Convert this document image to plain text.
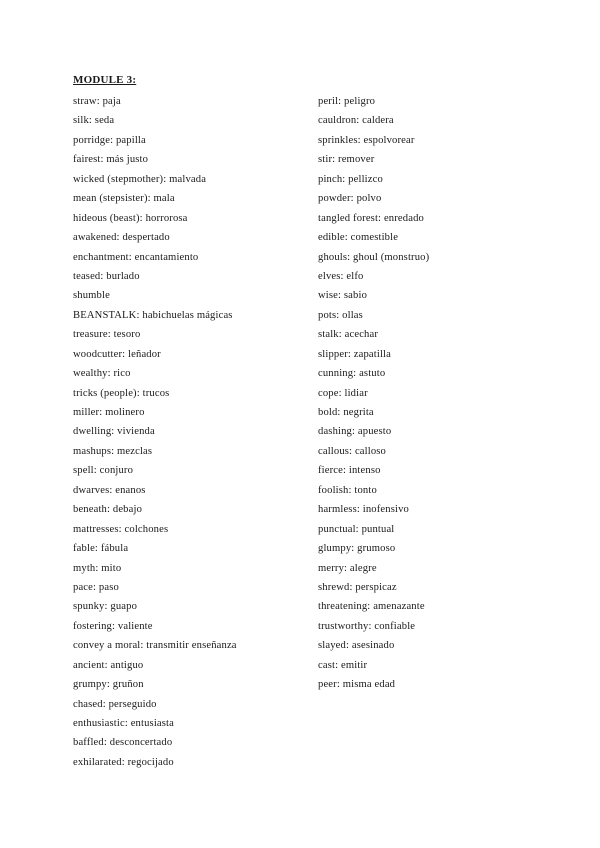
MODULE 3:
straw: paja
silk: seda
porridge: papilla
fairest: más justo
wicked (stepmother): malvada
mean (stepsister): mala
hideous (beast): horrorosa
awakened: despertado
enchantment: encantamiento
teased: burlado
shumble
BEANSTALK: habichuelas mágicas
treasure: tesoro
woodcutter: leñador
wealthy: rico
tricks (people): trucos
miller: molinero
dwelling: vivienda
mashups: mezclas
spell: conjuro
dwarves: enanos
beneath: debajo
mattresses: colchones
fable: fábula
myth: mito
pace: paso
spunky: guapo
fostering: valiente
convey a moral: transmitir enseñanza
ancient: antiguo
grumpy: gruñon
chased: perseguido
enthusiastic: entusiasta
baffled: desconcertado
exhilarated: regocijado
peril: peligro
cauldron: caldera
sprinkles: espolvorear
stir: remover
pinch: pellizco
powder: polvo
tangled forest: enredado
edible: comestible
ghouls: ghoul (monstruo)
elves: elfo
wise: sabio
pots: ollas
stalk: acechar
slipper: zapatilla
cunning: astuto
cope: lidiar
bold: negrita
dashing: apuesto
callous: calloso
fierce: intenso
foolish: tonto
harmless: inofensivo
punctual: puntual
glumpy: grumoso
merry: alegre
shrewd: perspicaz
threatening: amenazante
trustworthy: confiable
slayed: asesinado
cast: emitir
peer: misma edad
